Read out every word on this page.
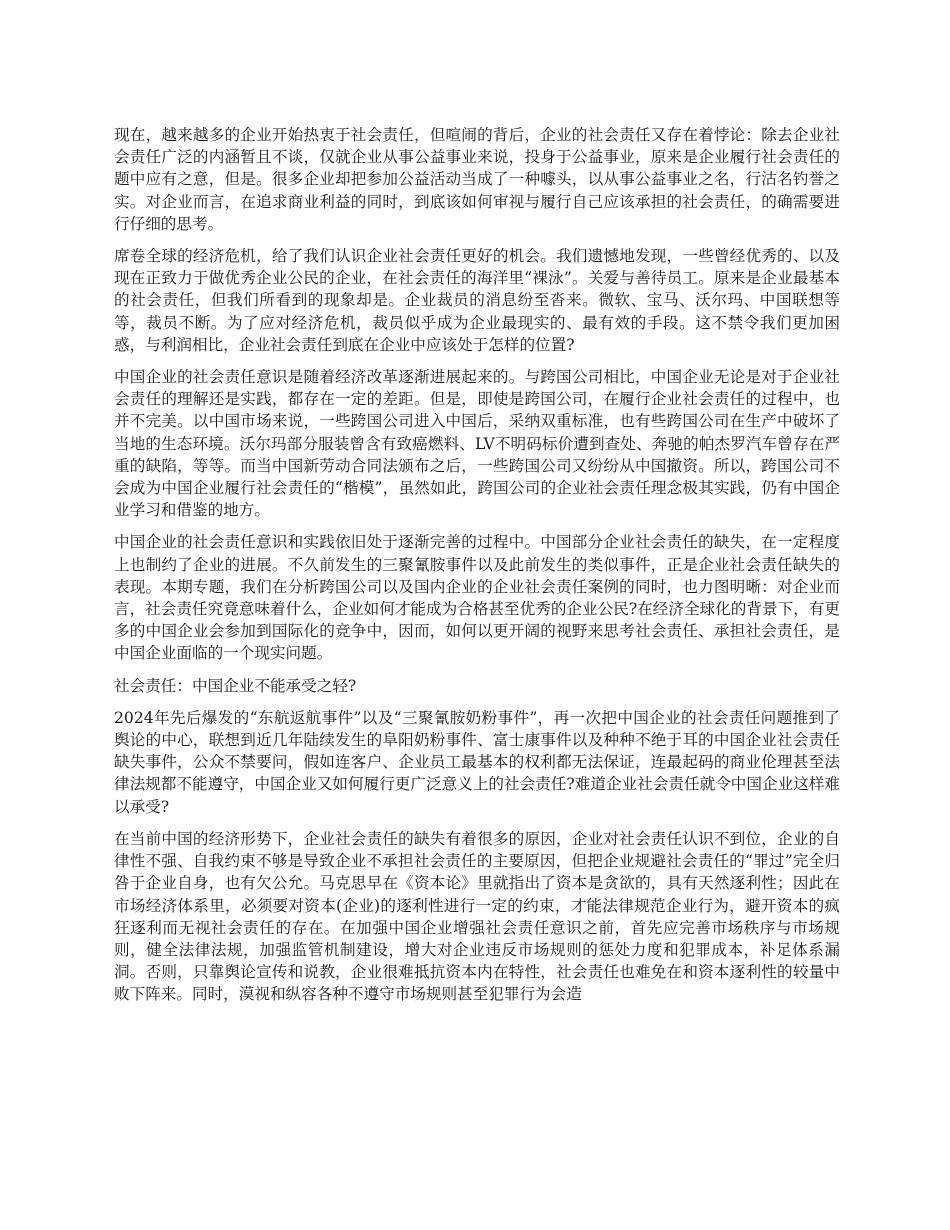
现在，越来越多的企业开始热衷于社会责任，但喧闹的背后，企业的社会责任又存在着悖论：除去企业社会责任广泛的内涵暂且不谈，仅就企业从事公益事业来说，投身于公益事业，原来是企业履行社会责任的题中应有之意，但是。很多企业却把参加公益活动当成了一种噱头，以从事公益事业之名，行沽名钓誉之实。对企业而言，在追求商业利益的同时，到底该如何审视与履行自己应该承担的社会责任，的确需要进行仔细的思考。

席卷全球的经济危机，给了我们认识企业社会责任更好的机会。我们遗憾地发现，一些曾经优秀的、以及现在正致力于做优秀企业公民的企业，在社会责任的海洋里“裸泳”。关爱与善待员工。原来是企业最基本的社会责任，但我们所看到的现象却是。企业裁员的消息纷至沓来。微软、宝马、沃尔玛、中国联想等等，裁员不断。为了应对经济危机，裁员似乎成为企业最现实的、最有效的手段。这不禁令我们更加困惑，与利润相比，企业社会责任到底在企业中应该处于怎样的位置?

中国企业的社会责任意识是随着经济改革逐渐进展起来的。与跨国公司相比，中国企业无论是对于企业社会责任的理解还是实践，都存在一定的差距。但是，即使是跨国公司，在履行企业社会责任的过程中，也并不完美。以中国市场来说，一些跨国公司进入中国后，采纳双重标准，也有些跨国公司在生产中破坏了当地的生态环境。沃尔玛部分服装曾含有致癌燃料、LV不明码标价遭到查处、奔驰的帕杰罗汽车曾存在严重的缺陷，等等。而当中国新劳动合同法颁布之后，一些跨国公司又纷纷从中国撤资。所以，跨国公司不会成为中国企业履行社会责任的“楷模”，虽然如此，跨国公司的企业社会责任理念极其实践，仍有中国企业学习和借鉴的地方。

中国企业的社会责任意识和实践依旧处于逐渐完善的过程中。中国部分企业社会责任的缺失，在一定程度上也制约了企业的进展。不久前发生的三聚氰胺事件以及此前发生的类似事件，正是企业社会责任缺失的表现。本期专题，我们在分析跨国公司以及国内企业的企业社会责任案例的同时，也力图明晰：对企业而言，社会责任究竟意味着什么，企业如何才能成为合格甚至优秀的企业公民?在经济全球化的背景下，有更多的中国企业会参加到国际化的竞争中，因而，如何以更开阔的视野来思考社会责任、承担社会责任，是中国企业面临的一个现实问题。

社会责任：中国企业不能承受之轻?

2024年先后爆发的“东航返航事件”以及“三聚氰胺奶粉事件”，再一次把中国企业的社会责任问题推到了舆论的中心，联想到近几年陆续发生的阜阳奶粉事件、富士康事件以及种种不绝于耳的中国企业社会责任缺失事件，公众不禁要问，假如连客户、企业员工最基本的权利都无法保证，连最起码的商业伦理甚至法律法规都不能遵守，中国企业又如何履行更广泛意义上的社会责任?难道企业社会责任就令中国企业这样难以承受?

在当前中国的经济形势下，企业社会责任的缺失有着很多的原因，企业对社会责任认识不到位，企业的自律性不强、自我约束不够是导致企业不承担社会责任的主要原因，但把企业规避社会责任的“罪过”完全归咎于企业自身，也有欠公允。马克思早在《资本论》里就指出了资本是贪欲的，具有天然逐利性；因此在市场经济体系里，必须要对资本(企业)的逐利性进行一定的约束，才能法律规范企业行为，避开资本的疯狂逐利而无视社会责任的存在。在加强中国企业增强社会责任意识之前，首先应完善市场秩序与市场规则，健全法律法规，加强监管机制建设，增大对企业违反市场规则的惩处力度和犯罪成本，补足体系漏洞。否则，只靠舆论宣传和说教，企业很难抵抗资本内在特性，社会责任也难免在和资本逐利性的较量中败下阵来。同时，漠视和纵容各种不遵守市场规则甚至犯罪行为会造
